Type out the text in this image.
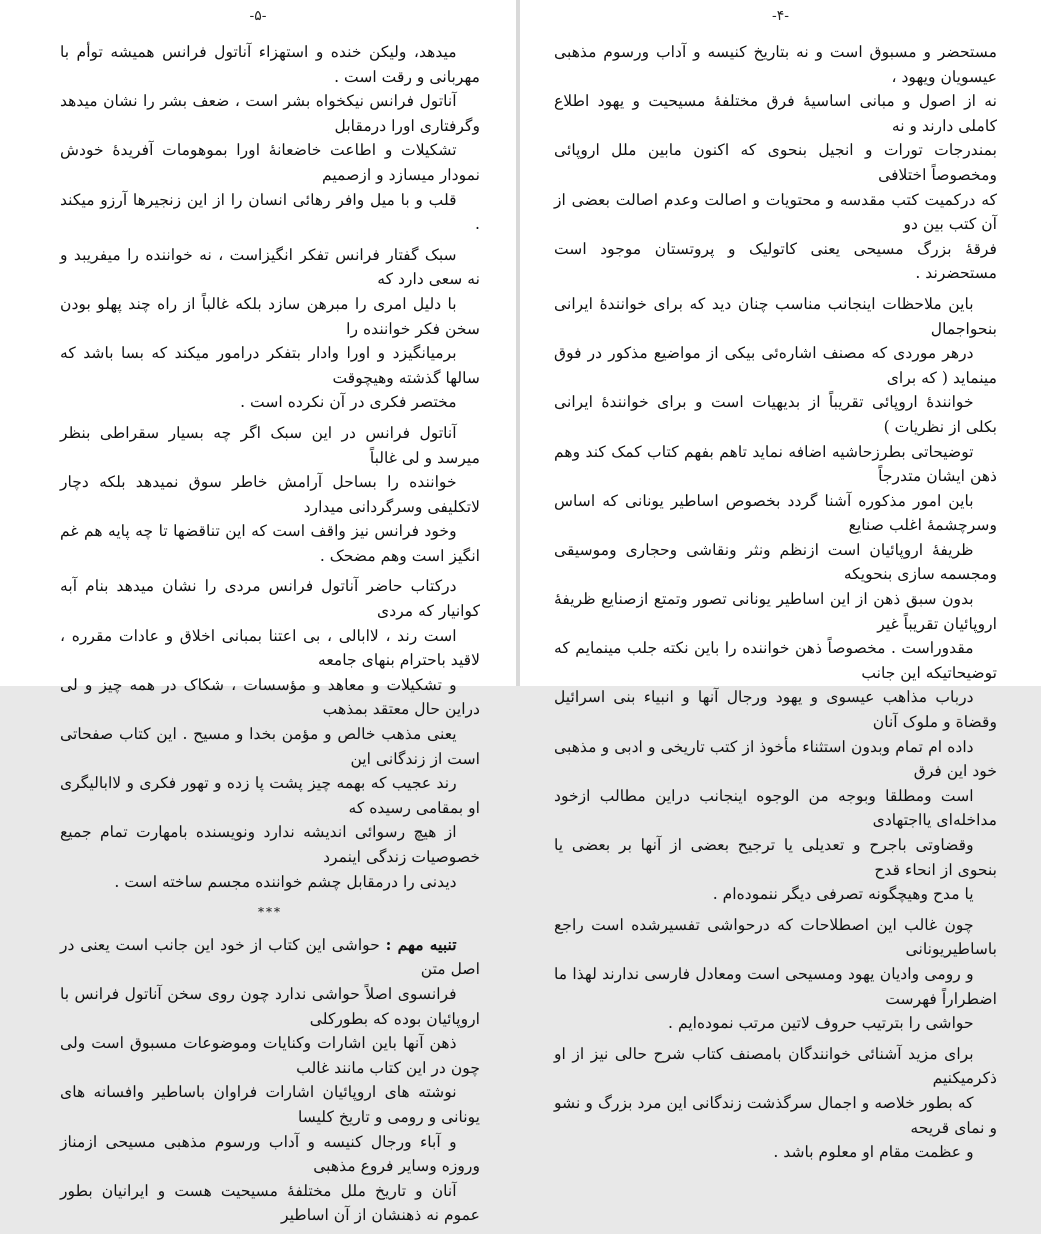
-۵-

میدهد، ولیکن خنده و استهزاء آناتول فرانس همیشه توأم با مهربانی و رقت است .
آناتول فرانس نیکخواه بشر است ، ضعف بشر را نشان میدهد وگرفتاری اورا درمقابل
تشکیلات و اطاعت خاضعانهٔ اورا بموهومات آفریدهٔ خودش نمودار میسازد و ازصمیم
قلب و با میل وافر رهائی انسان را از این زنجیرها آرزو میکند .

سبک گفتار فرانس تفکر انگیزاست ، نه خواننده را میفریبد و نه سعی دارد که
با دلیل امری را مبرهن سازد بلکه غالباً از راه چند پهلو بودن سخن فکر خواننده را
برمیانگیزد و اورا وادار بتفکر درامور میکند که بسا باشد که سالها گذشته وهیچوقت
مختصر فکری در آن نکرده است .

آناتول فرانس در این سبک اگر چه بسیار سقراطی بنظر میرسد و لی غالباً
خواننده را بساحل آرامش خاطر سوق نمیدهد بلکه دچار لاتکلیفی وسرگردانی میدارد
وخود فرانس نیز واقف است که این تناقضها تا چه پایه هم غم انگیز است وهم مضحک .

درکتاب حاضر آناتول فرانس مردی را نشان میدهد بنام آبه کوانیار که مردی
است رند ، لاابالی ، بی اعتنا بمبانی اخلاق و عادات مقرره ، لاقید باحترام بنهای جامعه
و تشکیلات و معاهد و مؤسسات ، شکاک در همه چیز و لی دراین حال معتقد بمذهب
یعنی مذهب خالص و مؤمن بخدا و مسیح . این کتاب صفحاتی است از زندگانی این
رند عجیب که بهمه چیز پشت پا زده و تهور فکری و لاابالیگری او بمقامی رسیده که
از هیچ رسوائی اندیشه ندارد ونویسنده بامهارت تمام جمیع خصوصیات زندگی اینمرد
دیدنی را درمقابل چشم خواننده مجسم ساخته است .

***

تنبیه مهم : حواشی این کتاب از خود این جانب است یعنی در اصل متن
فرانسوی اصلاً حواشی ندارد چون روی سخن آناتول فرانس با اروپائیان بوده که بطورکلی
ذهن آنها باین اشارات وکنایات وموضوعات مسبوق است ولی چون در این کتاب مانند غالب
نوشته های اروپائیان اشارات فراوان باساطیر وافسانه های یونانی و رومی و تاریخ کلیسا
و آباء ورجال کنیسه و آداب ورسوم مذهبی مسیحی ازمناز وروزه وسایر فروع مذهبی
آنان و تاریخ ملل مختلفهٔ مسیحیت هست و ایرانیان بطور عموم نه ذهنشان از آن اساطیر

-۴-

مستحضر و مسبوق است و نه بتاریخ کنیسه و آداب ورسوم مذهبی عیسویان ویهود ،
نه از اصول و مبانی اساسیهٔ فرق مختلفهٔ مسیحیت و یهود اطلاع کاملی دارند و نه
بمندرجات تورات و انجیل بنحوی که اکنون مابین ملل اروپائی ومخصوصاً اختلافی
که درکمیت کتب مقدسه و محتویات و اصالت وعدم اصالت بعضی از آن کتب بین دو
فرقهٔ بزرگ مسیحی یعنی کاتولیک و پروتستان موجود است مستحضرند .

باین ملاحظات اینجانب مناسب چنان دید که برای خوانندهٔ ایرانی بنحواجمال
درهر موردی که مصنف اشاره‌ئی بیکی از مواضیع مذکور در فوق مینماید ( که برای
خوانندهٔ اروپائی تقریباً از بدیهیات است و برای خوانندهٔ ایرانی بکلی از نظریات )
توضیحاتی بطرزحاشیه اضافه نماید تاهم بفهم کتاب کمک کند وهم ذهن ایشان متدرجاً
باین امور مذکوره آشنا گردد بخصوص اساطیر یونانی که اساس وسرچشمهٔ اغلب صنایع
ظریفهٔ اروپائیان است ازنظم ونثر ونقاشی وحجاری وموسیقی ومجسمه سازی بنحویکه
بدون سبق ذهن از این اساطیر یونانی تصور وتمتع ازصنایع ظریفهٔ اروپائیان تقریباً غیر
مقدوراست . مخصوصاً ذهن خواننده را باین نکته جلب مینمایم که توضیحاتیکه این جانب
درباب مذاهب عیسوی و یهود ورجال آنها و انبیاء بنی اسرائیل وقضاة و ملوک آنان
داده ام تمام وبدون استثناء مأخوذ از کتب تاریخی و ادبی و مذهبی خود این فرق
است ومطلقا وبوجه من الوجوه اینجانب دراین مطالب ازخود مداخله‌ای یااجتهادی
وقضاوتی باجرح و تعدیلی یا ترجیح بعضی از آنها بر بعضی یا بنحوی از انحاء قدح
یا مدح وهیچگونه تصرفی دیگر ننموده‌ام .

چون غالب این اصطلاحات که درحواشی تفسیرشده است راجع باساطیریونانی
و رومی وادیان یهود ومسیحی است ومعادل فارسی ندارند لهذا ما اضطراراً فهرست
حواشی را بترتیب حروف لاتین مرتب نموده‌ایم .

برای مزید آشنائی خوانندگان بامصنف کتاب شرح حالی نیز از او ذکرمیکنیم
که بطور خلاصه و اجمال سرگذشت زندگانی این مرد بزرگ و نشو و نمای قریحه
و عظمت مقام او معلوم باشد .
